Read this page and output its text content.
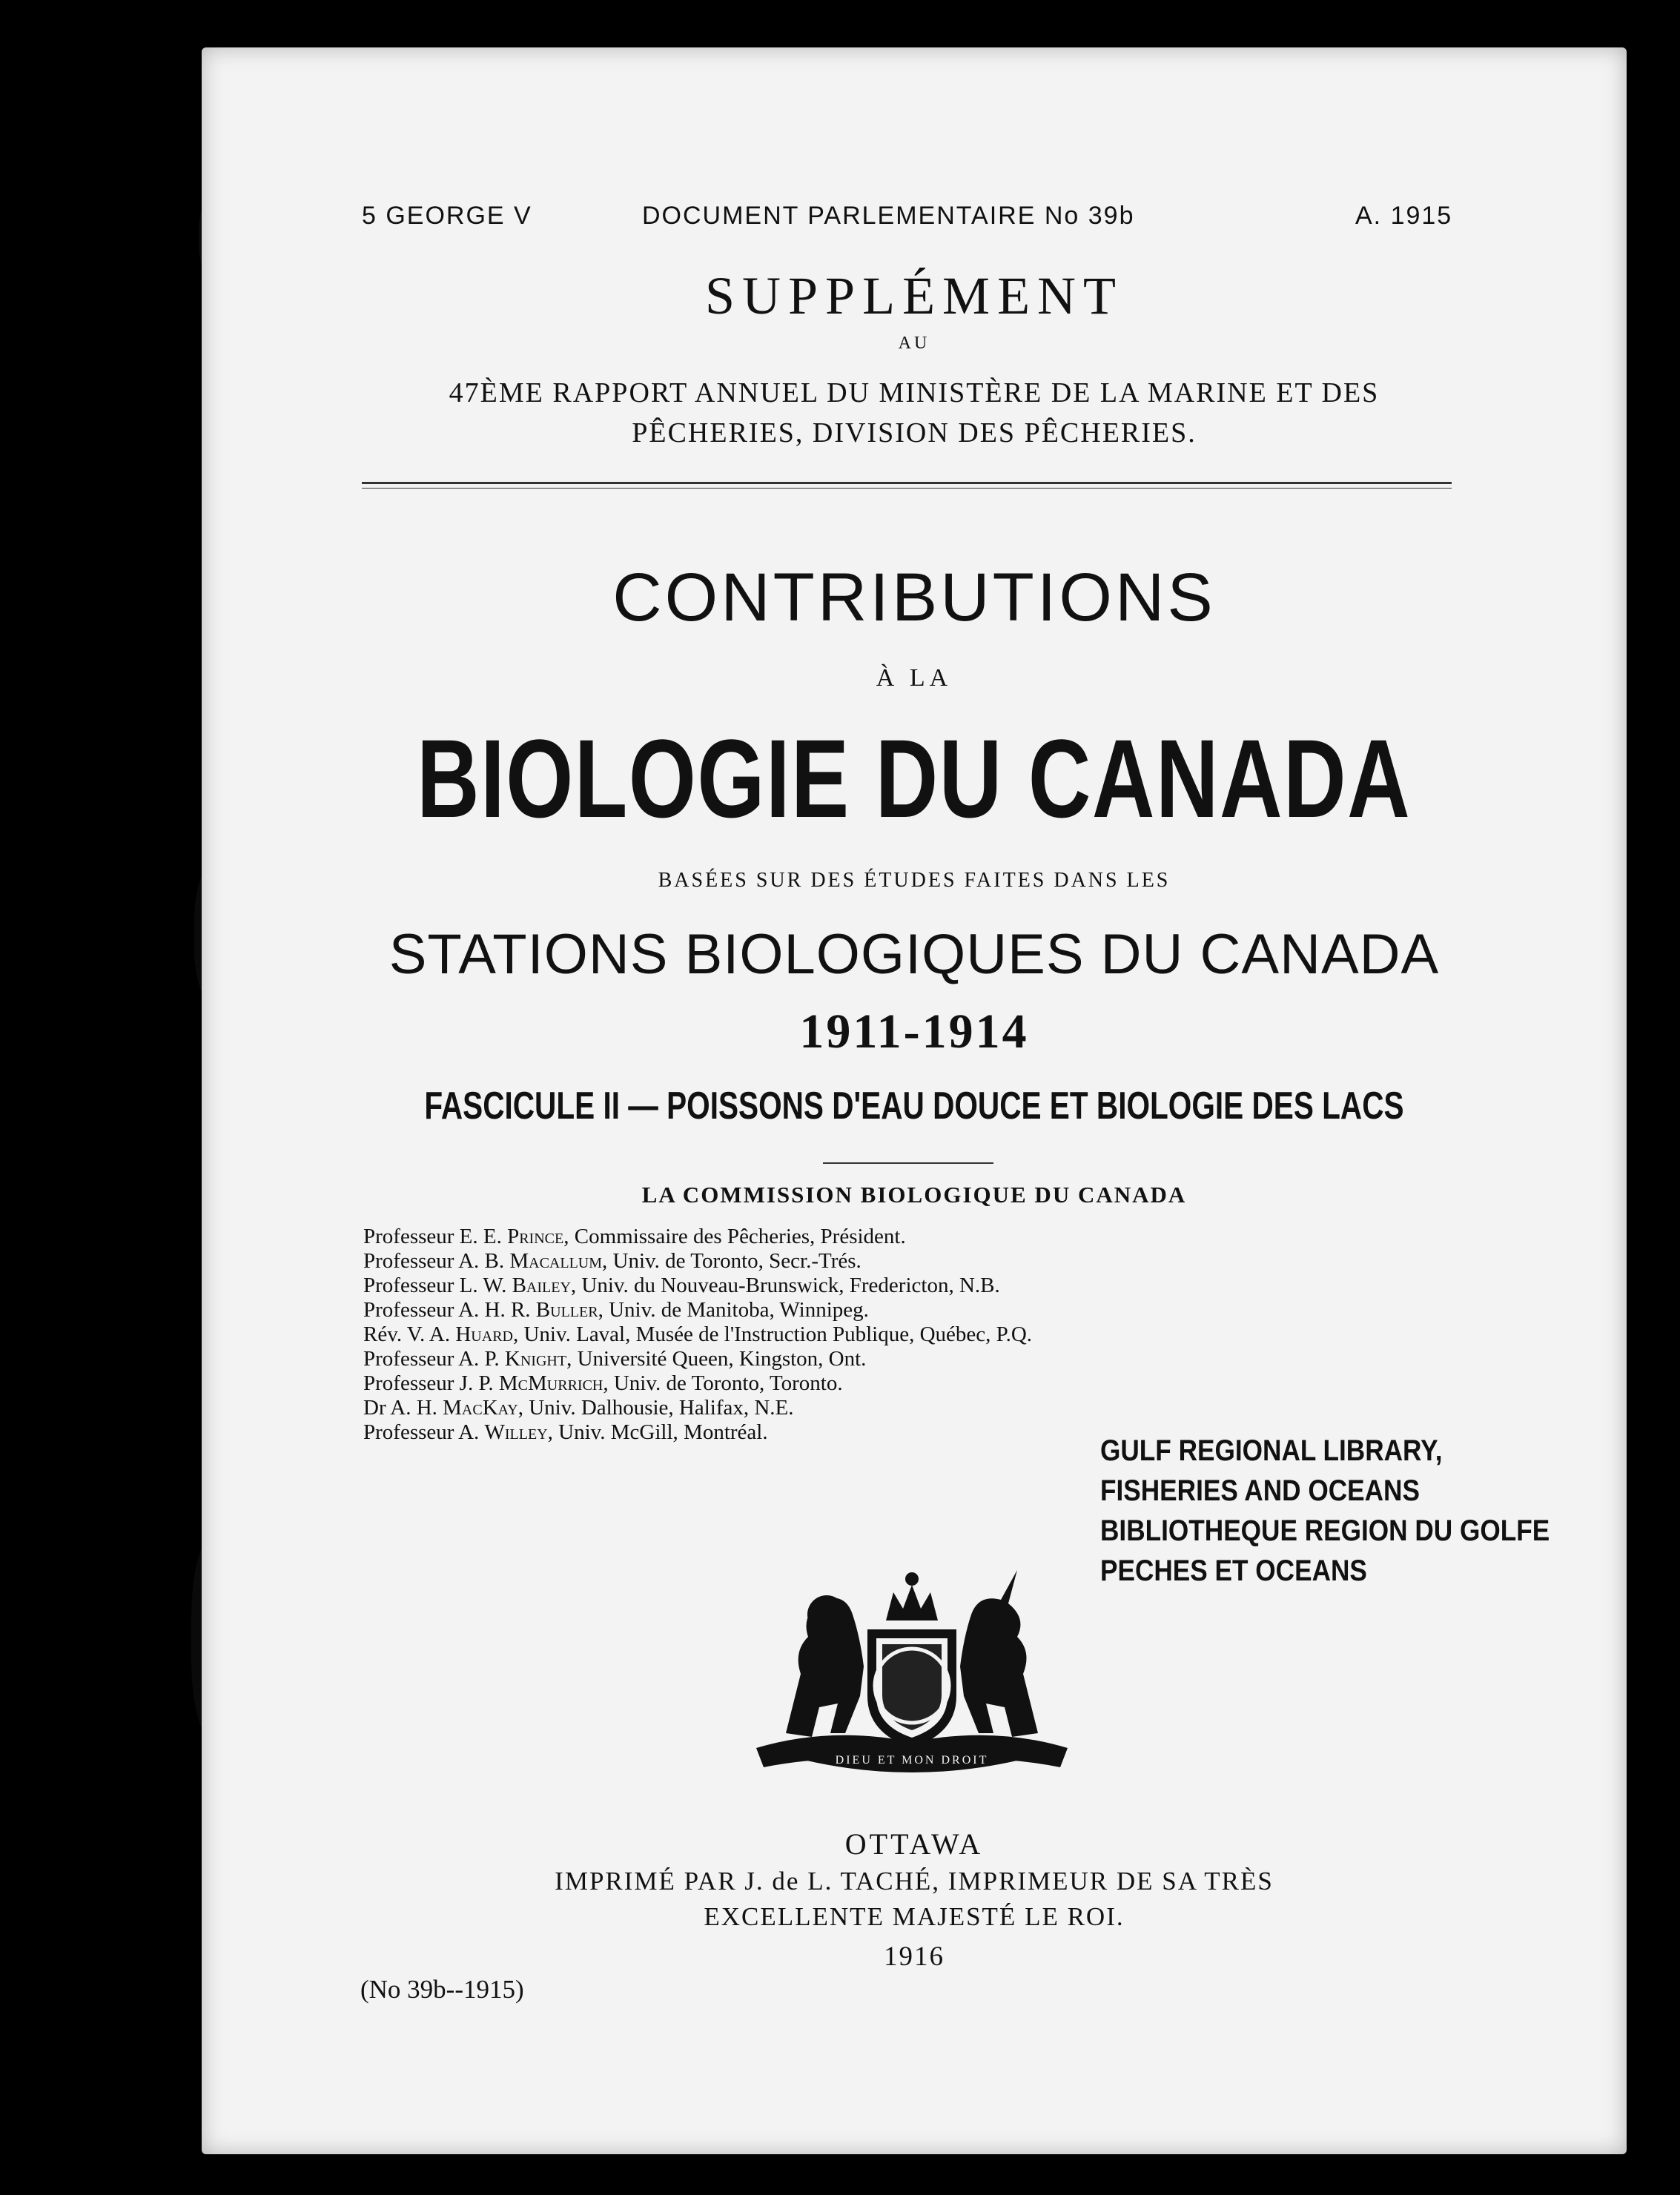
5 GEORGE V	DOCUMENT PARLEMENTAIRE No 39b	A. 1915
SUPPLÉMENT
AU
47ÈME RAPPORT ANNUEL DU MINISTÈRE DE LA MARINE ET DES
PÊCHERIES, DIVISION DES PÊCHERIES.
CONTRIBUTIONS
À LA
BIOLOGIE DU CANADA
BASÉES SUR DES ÉTUDES FAITES DANS LES
STATIONS BIOLOGIQUES DU CANADA
1911-1914
FASCICULE II — POISSONS D'EAU DOUCE ET BIOLOGIE DES LACS
LA COMMISSION BIOLOGIQUE DU CANADA
Professeur E. E. Prince, Commissaire des Pêcheries, Président.
Professeur A. B. Macallum, Univ. de Toronto, Secr.-Trés.
Professeur L. W. Bailey, Univ. du Nouveau-Brunswick, Fredericton, N.B.
Professeur A. H. R. Buller, Univ. de Manitoba, Winnipeg.
Rév. V. A. Huard, Univ. Laval, Musée de l'Instruction Publique, Québec, P.Q.
Professeur A. P. Knight, Université Queen, Kingston, Ont.
Professeur J. P. McMurrich, Univ. de Toronto, Toronto.
Dr A. H. MacKay, Univ. Dalhousie, Halifax, N.E.
Professeur A. Willey, Univ. McGill, Montréal.
GULF REGIONAL LIBRARY,
FISHERIES AND OCEANS
BIBLIOTHEQUE REGION DU GOLFE
PECHES ET OCEANS
DIEU ET MON DROIT
OTTAWA
IMPRIMÉ PAR J. de L. TACHÉ, IMPRIMEUR DE SA TRÈS
EXCELLENTE MAJESTÉ LE ROI.
1916
(No 39b--1915)
